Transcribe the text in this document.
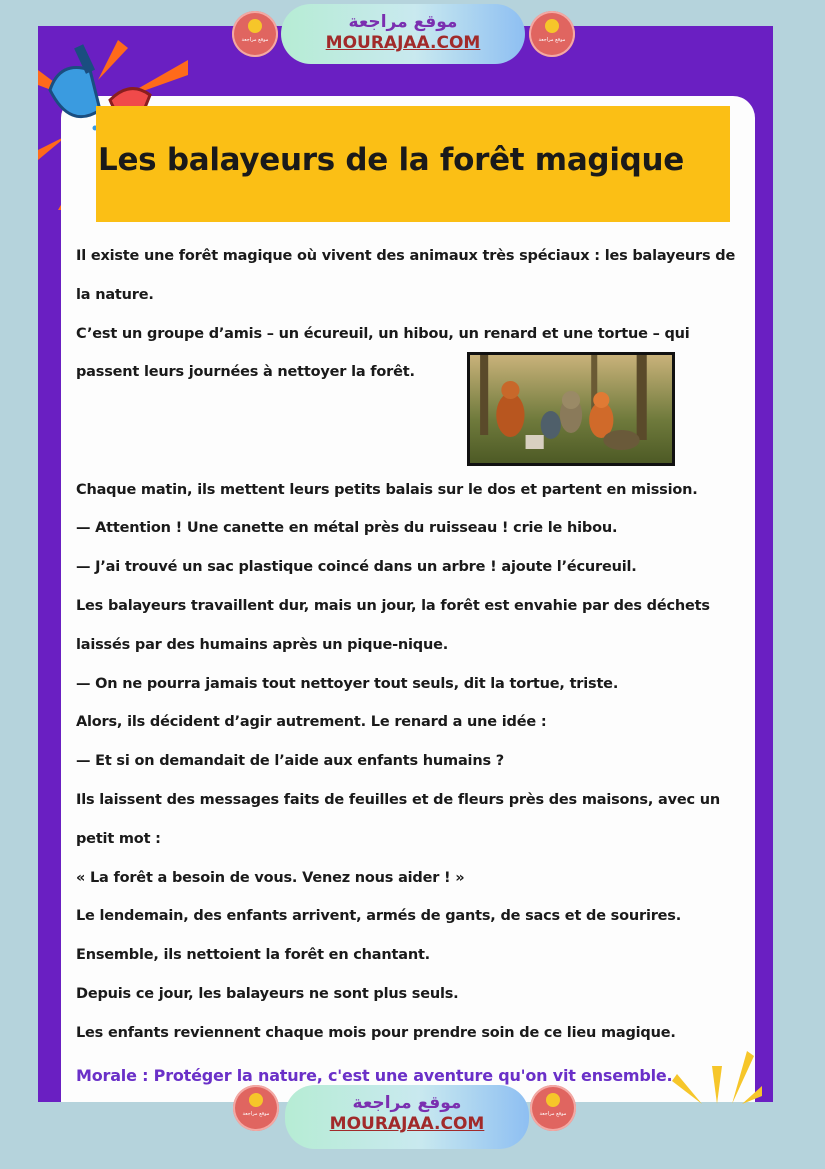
Les balayeurs de la forêt magique
Il existe une forêt magique où vivent des animaux très spéciaux : les balayeurs de
la nature.
C’est un groupe d’amis – un écureuil, un hibou, un renard et une tortue – qui
passent leurs journées à nettoyer la forêt.
Chaque matin, ils mettent leurs petits balais sur le dos et partent en mission.
— Attention ! Une canette en métal près du ruisseau ! crie le hibou.
— J’ai trouvé un sac plastique coincé dans un arbre ! ajoute l’écureuil.
Les balayeurs travaillent dur, mais un jour, la forêt est envahie par des déchets
laissés par des humains après un pique-nique.
— On ne pourra jamais tout nettoyer tout seuls, dit la tortue, triste.
Alors, ils décident d’agir autrement. Le renard a une idée :
— Et si on demandait de l’aide aux enfants humains ?
Ils laissent des messages faits de feuilles et de fleurs près des maisons, avec un
petit mot :
« La forêt a besoin de vous. Venez nous aider ! »
Le lendemain, des enfants arrivent, armés de gants, de sacs et de sourires.
Ensemble, ils nettoient la forêt en chantant.
Depuis ce jour, les balayeurs ne sont plus seuls.
Les enfants reviennent chaque mois pour prendre soin de ce lieu magique.
Morale : Protéger la nature, c'est une aventure qu'on vit ensemble.
موقع مراجعة
موقع مراجعة
MOURAJAA.COM	موقع مراجعة
موقع مراجعة
موقع مراجعة
MOURAJAA.COM	موقع مراجعة
